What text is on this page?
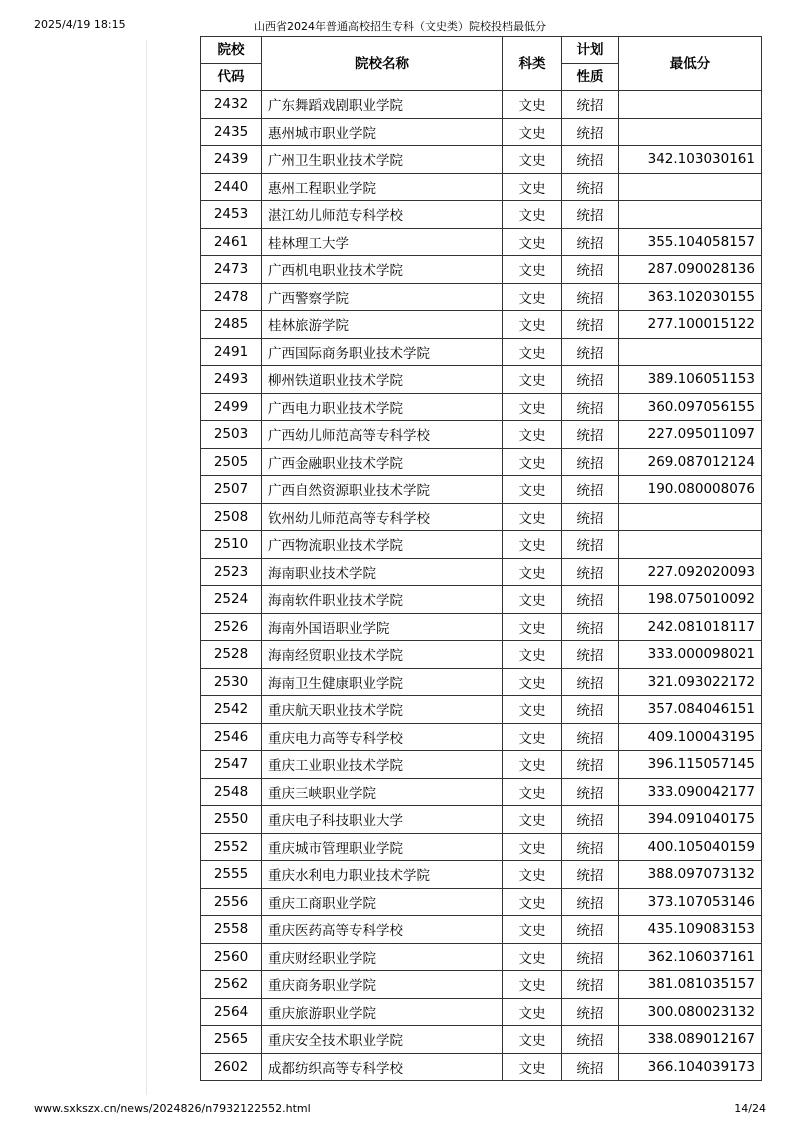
2025/4/19 18:15	山西省2024年普通高校招生专科（文史类）院校投档最低分
院校	院校名称	科类	计划	最低分
代码			性质	
2432	广东舞蹈戏剧职业学院	文史	统招	
2435	惠州城市职业学院	文史	统招	
2439	广州卫生职业技术学院	文史	统招	342.103030161
2440	惠州工程职业学院	文史	统招	
2453	湛江幼儿师范专科学校	文史	统招	
2461	桂林理工大学	文史	统招	355.104058157
2473	广西机电职业技术学院	文史	统招	287.090028136
2478	广西警察学院	文史	统招	363.102030155
2485	桂林旅游学院	文史	统招	277.100015122
2491	广西国际商务职业技术学院	文史	统招	
2493	柳州铁道职业技术学院	文史	统招	389.106051153
2499	广西电力职业技术学院	文史	统招	360.097056155
2503	广西幼儿师范高等专科学校	文史	统招	227.095011097
2505	广西金融职业技术学院	文史	统招	269.087012124
2507	广西自然资源职业技术学院	文史	统招	190.080008076
2508	钦州幼儿师范高等专科学校	文史	统招	
2510	广西物流职业技术学院	文史	统招	
2523	海南职业技术学院	文史	统招	227.092020093
2524	海南软件职业技术学院	文史	统招	198.075010092
2526	海南外国语职业学院	文史	统招	242.081018117
2528	海南经贸职业技术学院	文史	统招	333.000098021
2530	海南卫生健康职业学院	文史	统招	321.093022172
2542	重庆航天职业技术学院	文史	统招	357.084046151
2546	重庆电力高等专科学校	文史	统招	409.100043195
2547	重庆工业职业技术学院	文史	统招	396.115057145
2548	重庆三峡职业学院	文史	统招	333.090042177
2550	重庆电子科技职业大学	文史	统招	394.091040175
2552	重庆城市管理职业学院	文史	统招	400.105040159
2555	重庆水利电力职业技术学院	文史	统招	388.097073132
2556	重庆工商职业学院	文史	统招	373.107053146
2558	重庆医药高等专科学校	文史	统招	435.109083153
2560	重庆财经职业学院	文史	统招	362.106037161
2562	重庆商务职业学院	文史	统招	381.081035157
2564	重庆旅游职业学院	文史	统招	300.080023132
2565	重庆安全技术职业学院	文史	统招	338.089012167
2602	成都纺织高等专科学校	文史	统招	366.104039173
www.sxkszx.cn/news/2024826/n7932122552.html	14/24
